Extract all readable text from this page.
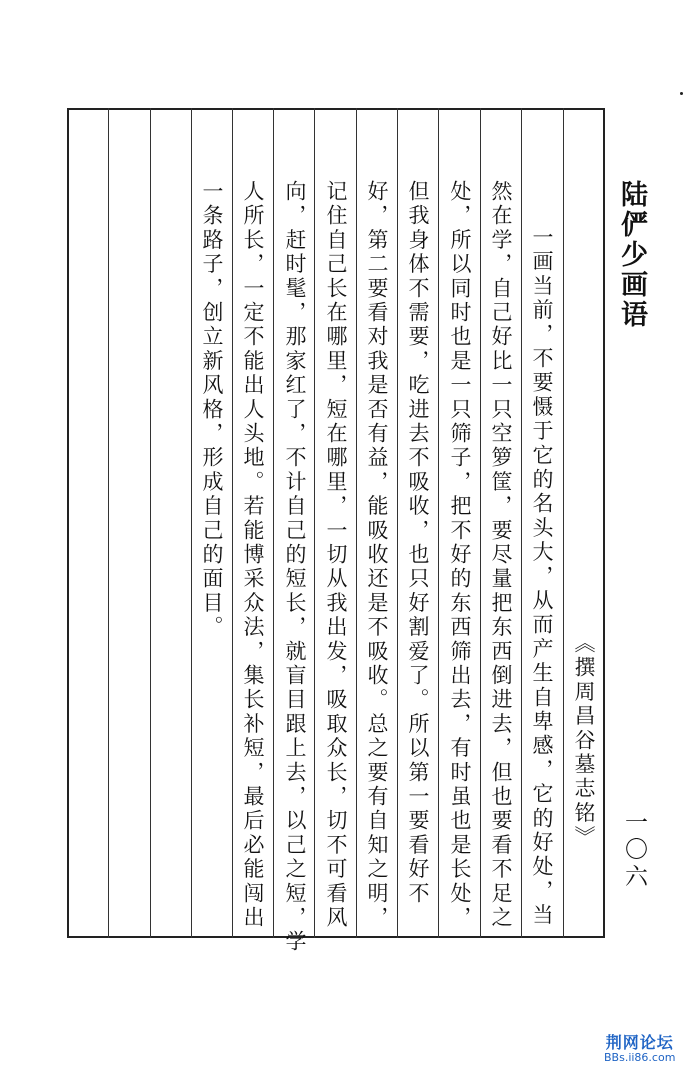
陆俨少画语
一〇六
《撰周昌谷墓志铭》
一画当前，不要慑于它的名头大，从而产生自卑感，它的好处，当
然在学，自己好比一只空箩筐，要尽量把东西倒进去，但也要看不足之
处，所以同时也是一只筛子，把不好的东西筛出去，有时虽也是长处，
但我身体不需要，吃进去不吸收，也只好割爱了。所以第一要看好不
好，第二要看对我是否有益，能吸收还是不吸收。总之要有自知之明，
记住自己长在哪里，短在哪里，一切从我出发，吸取众长，切不可看风
向，赶时髦，那家红了，不计自己的短长，就盲目跟上去，以己之短，学
人所长，一定不能出人头地。若能博采众法，集长补短，最后必能闯出
一条路子，创立新风格，形成自己的面目。
荆网论坛
BBs.ii86.com
